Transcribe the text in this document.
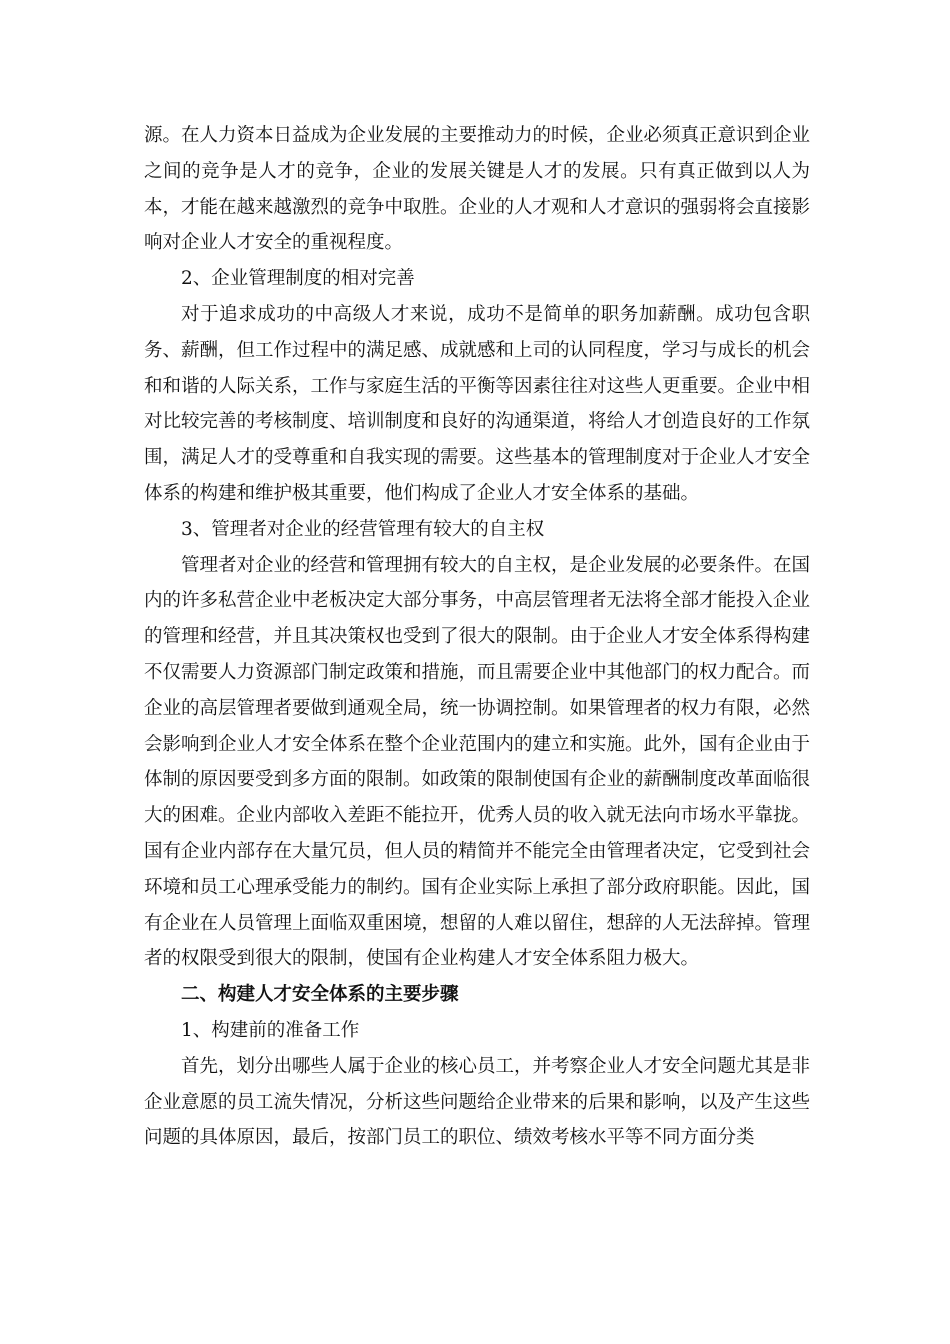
源。在人力资本日益成为企业发展的主要推动力的时候，企业必须真正意识到企业之间的竞争是人才的竞争，企业的发展关键是人才的发展。只有真正做到以人为本，才能在越来越激烈的竞争中取胜。企业的人才观和人才意识的强弱将会直接影响对企业人才安全的重视程度。

2、企业管理制度的相对完善

对于追求成功的中高级人才来说，成功不是简单的职务加薪酬。成功包含职务、薪酬，但工作过程中的满足感、成就感和上司的认同程度，学习与成长的机会和和谐的人际关系，工作与家庭生活的平衡等因素往往对这些人更重要。企业中相对比较完善的考核制度、培训制度和良好的沟通渠道，将给人才创造良好的工作氛围，满足人才的受尊重和自我实现的需要。这些基本的管理制度对于企业人才安全体系的构建和维护极其重要，他们构成了企业人才安全体系的基础。

3、管理者对企业的经营管理有较大的自主权

管理者对企业的经营和管理拥有较大的自主权，是企业发展的必要条件。在国内的许多私营企业中老板决定大部分事务，中高层管理者无法将全部才能投入企业的管理和经营，并且其决策权也受到了很大的限制。由于企业人才安全体系得构建不仅需要人力资源部门制定政策和措施，而且需要企业中其他部门的权力配合。而企业的高层管理者要做到通观全局，统一协调控制。如果管理者的权力有限，必然会影响到企业人才安全体系在整个企业范围内的建立和实施。此外，国有企业由于体制的原因要受到多方面的限制。如政策的限制使国有企业的薪酬制度改革面临很大的困难。企业内部收入差距不能拉开，优秀人员的收入就无法向市场水平靠拢。国有企业内部存在大量冗员，但人员的精简并不能完全由管理者决定，它受到社会环境和员工心理承受能力的制约。国有企业实际上承担了部分政府职能。因此，国有企业在人员管理上面临双重困境，想留的人难以留住，想辞的人无法辞掉。管理者的权限受到很大的限制，使国有企业构建人才安全体系阻力极大。

二、构建人才安全体系的主要步骤

1、构建前的准备工作

首先，划分出哪些人属于企业的核心员工，并考察企业人才安全问题尤其是非企业意愿的员工流失情况，分析这些问题给企业带来的后果和影响，以及产生这些问题的具体原因，最后，按部门员工的职位、绩效考核水平等不同方面分类
